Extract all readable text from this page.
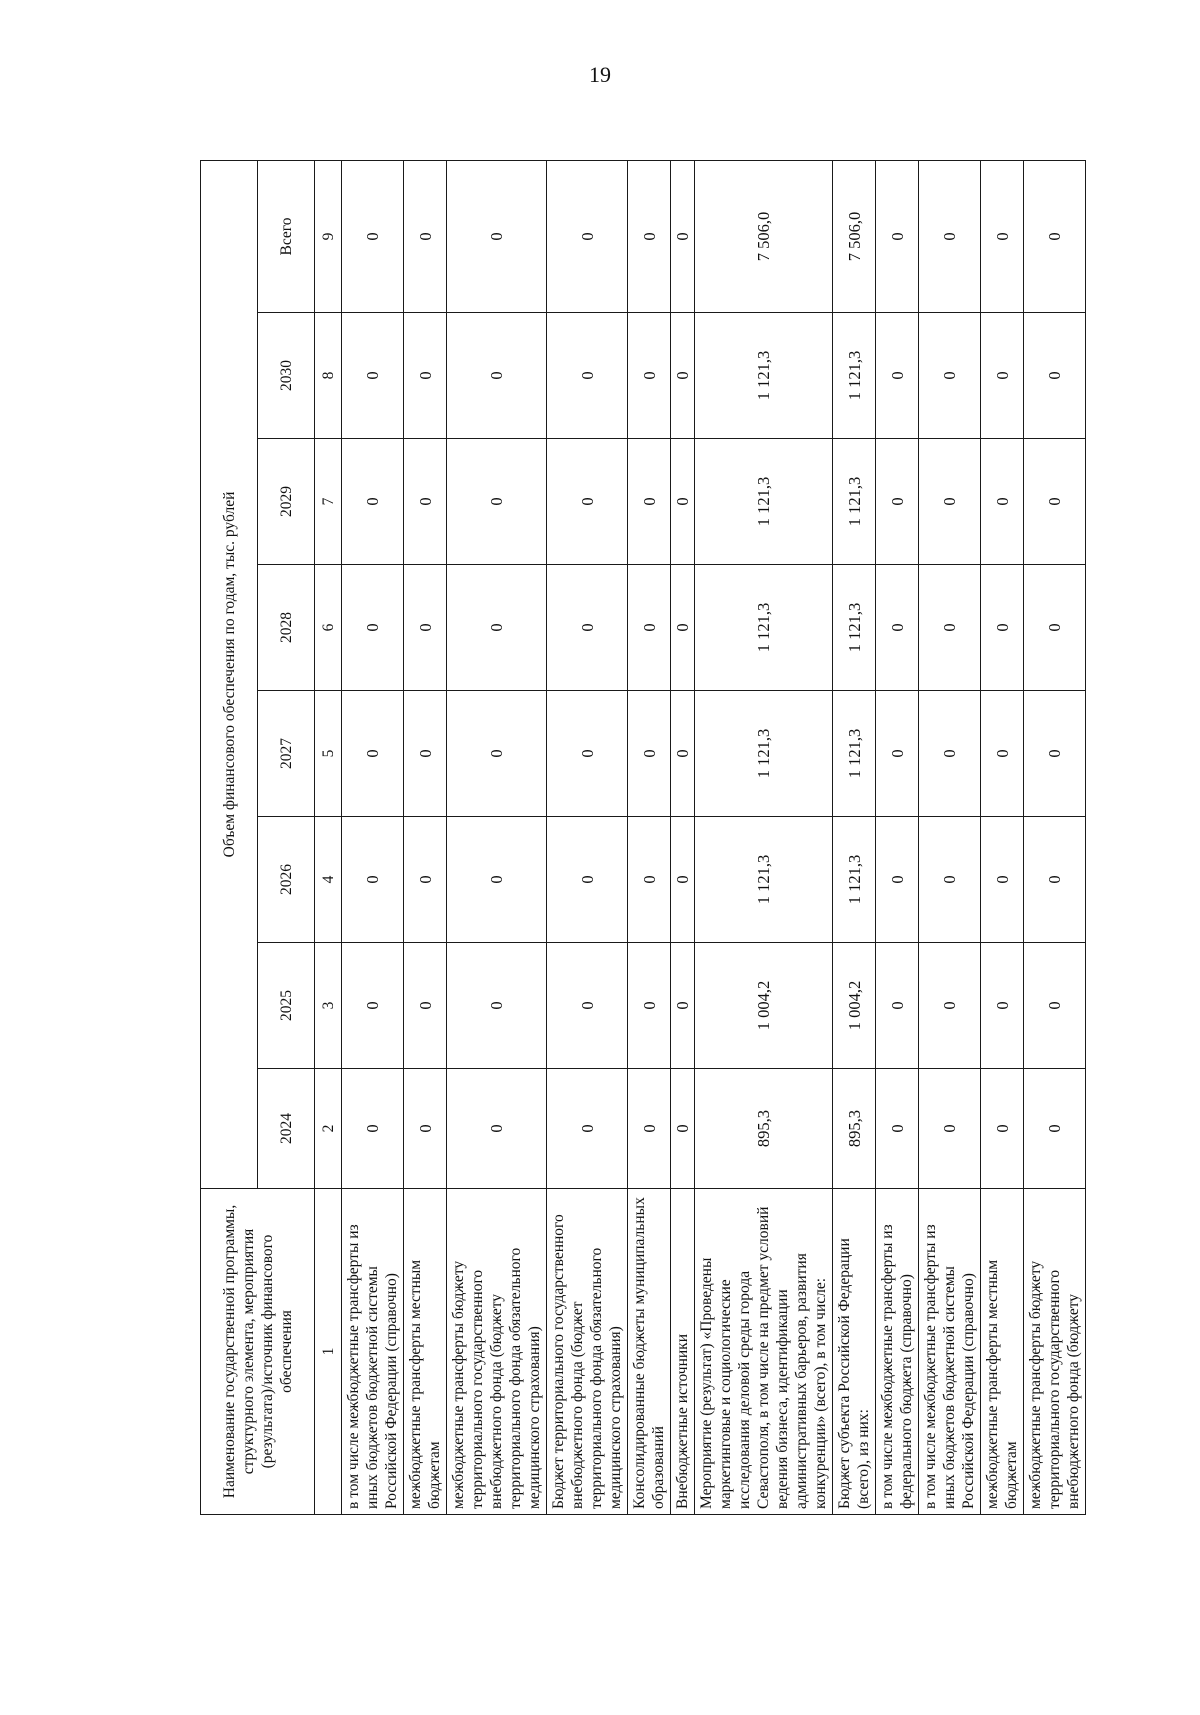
19
Наименование государственной программы, структурного элемента, мероприятия (результата)/источник финансового обеспечения	Объем финансового обеспечения по годам, тыс. рублей							
	2024	2025	2026	2027	2028	2029	2030	Всего
1	2	3	4	5	6	7	8	9
в том числе межбюджетные трансферты из иных бюджетов бюджетной системы Российской Федерации (справочно)	0	0	0	0	0	0	0	0
межбюджетные трансферты местным бюджетам	0	0	0	0	0	0	0	0
межбюджетные трансферты бюджету территориального государственного внебюджетного фонда (бюджету территориального фонда обязательного медицинского страхования)	0	0	0	0	0	0	0	0
Бюджет территориального государственного внебюджетного фонда (бюджет территориального фонда обязательного медицинского страхования)	0	0	0	0	0	0	0	0
Консолидированные бюджеты муниципальных образований	0	0	0	0	0	0	0	0
Внебюджетные источники	0	0	0	0	0	0	0	0
Мероприятие (результат) «Проведены маркетинговые и социологические исследования деловой среды города Севастополя, в том числе на предмет условий ведения бизнеса, идентификации административных барьеров, развития конкуренции» (всего), в том числе:	895,3	1 004,2	1 121,3	1 121,3	1 121,3	1 121,3	1 121,3	7 506,0
Бюджет субъекта Российской Федерации (всего), из них:	895,3	1 004,2	1 121,3	1 121,3	1 121,3	1 121,3	1 121,3	7 506,0
в том числе межбюджетные трансферты из федерального бюджета (справочно)	0	0	0	0	0	0	0	0
в том числе межбюджетные трансферты из иных бюджетов бюджетной системы Российской Федерации (справочно)	0	0	0	0	0	0	0	0
межбюджетные трансферты местным бюджетам	0	0	0	0	0	0	0	0
межбюджетные трансферты бюджету территориального государственного внебюджетного фонда (бюджету	0	0	0	0	0	0	0	0
